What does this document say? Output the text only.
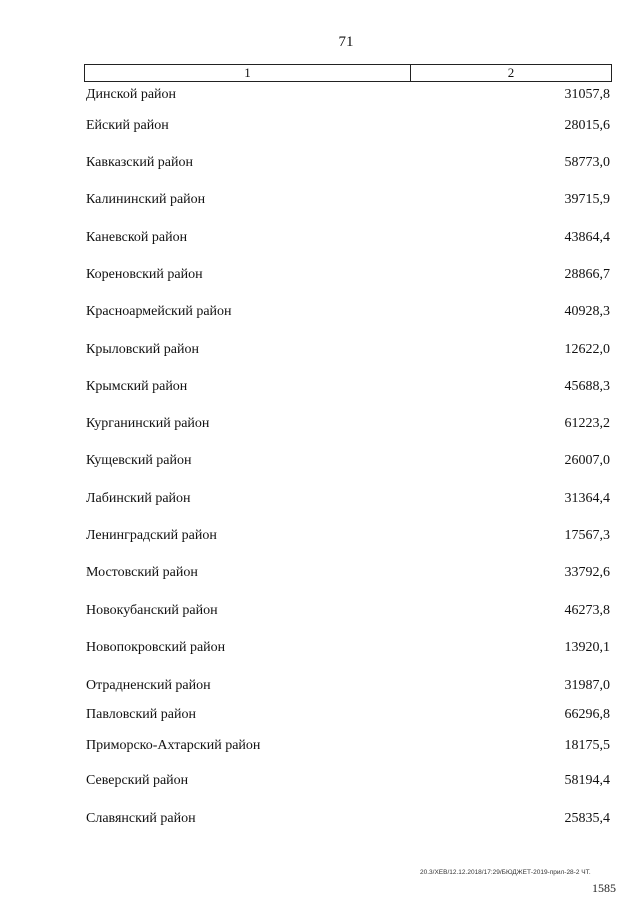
71
1	2
Динской район	31057,8
Ейский район	28015,6
Кавказский район	58773,0
Калининский район	39715,9
Каневской район	43864,4
Кореновский район	28866,7
Красноармейский район	40928,3
Крыловский район	12622,0
Крымский район	45688,3
Курганинский район	61223,2
Кущевский район	26007,0
Лабинский район	31364,4
Ленинградский район	17567,3
Мостовский район	33792,6
Новокубанский район	46273,8
Новопокровский район	13920,1
Отрадненский район	31987,0
Павловский район	66296,8
Приморско-Ахтарский район	18175,5
Северский район	58194,4
Славянский район	25835,4
20.3/XEB/12.12.2018/17:29/БЮДЖЕТ-2019-прил-28-2 ЧТ.
1585
